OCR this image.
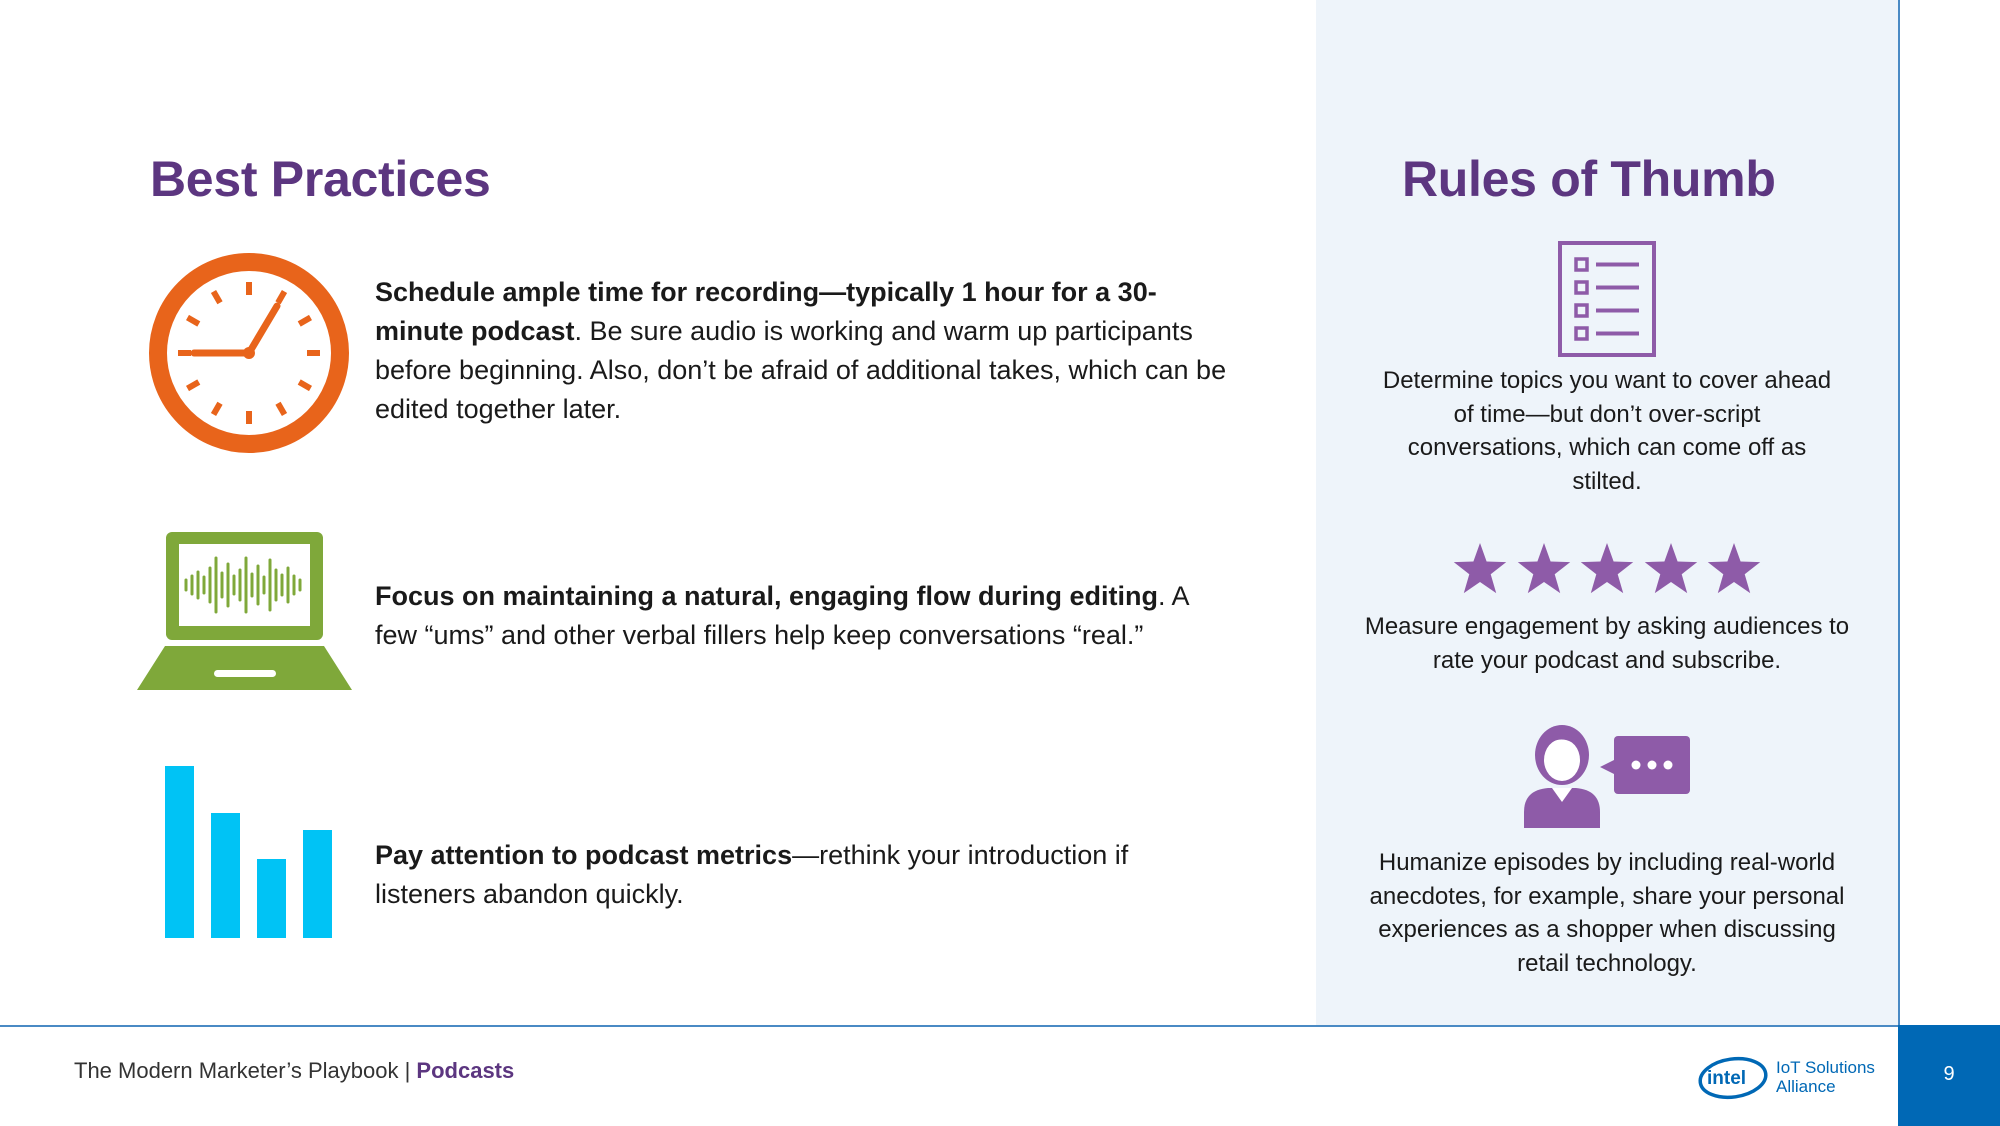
Best Practices	Rules of Thumb
Schedule ample time for recording—typically 1 hour for a 30-minute podcast. Be sure audio is working and warm up participants before beginning. Also, don’t be afraid of additional takes, which can be edited together later.
Focus on maintaining a natural, engaging flow during editing. A few “ums” and other verbal fillers help keep conversations “real.”
Pay attention to podcast metrics—rethink your introduction if listeners abandon quickly.
Determine topics you want to cover ahead of time—but don’t over-script conversations, which can come off as stilted.
Measure engagement by asking audiences to rate your podcast and subscribe.
Humanize episodes by including real-world anecdotes, for example, share your personal experiences as a shopper when discussing retail technology.
The Modern Marketer’s Playbook | Podcasts	intel
IoT Solutions
Alliance
9
